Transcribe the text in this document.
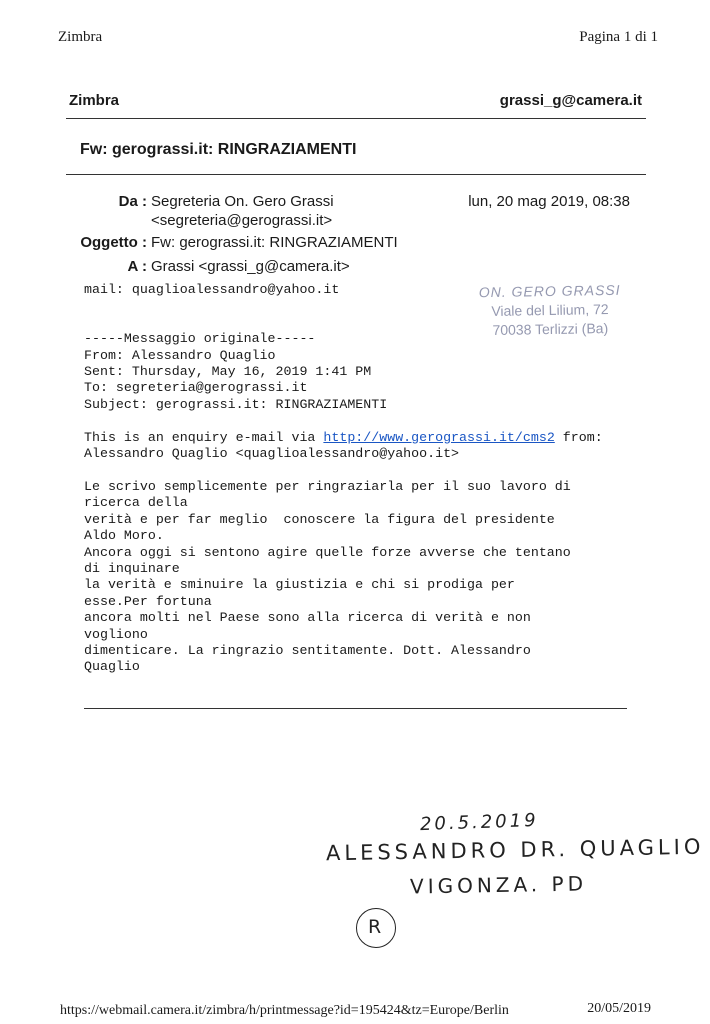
Zimbra	Pagina 1 di 1
Zimbra	grassi_g@camera.it
Fw: gerograssi.it: RINGRAZIAMENTI
Da : Segreteria On. Gero Grassi
<segreteria@gerograssi.it>
lun, 20 mag 2019, 08:38
Oggetto : Fw: gerograssi.it: RINGRAZIAMENTI
A : Grassi <grassi_g@camera.it>
mail: quaglioalessandro@yahoo.it

-----Messaggio originale-----
From: Alessandro Quaglio
Sent: Thursday, May 16, 2019 1:41 PM
To: segreteria@gerograssi.it
Subject: gerograssi.it: RINGRAZIAMENTI

This is an enquiry e-mail via http://www.gerograssi.it/cms2 from:
Alessandro Quaglio <quaglioalessandro@yahoo.it>

Le scrivo semplicemente per ringraziarla per il suo lavoro di
ricerca della
verità e per far meglio  conoscere la figura del presidente
Aldo Moro.
Ancora oggi si sentono agire quelle forze avverse che tentano
di inquinare
la verità e sminuire la giustizia e chi si prodiga per
esse.Per fortuna
ancora molti nel Paese sono alla ricerca di verità e non
vogliono
dimenticare. La ringrazio sentitamente. Dott. Alessandro
Quaglio
ON. GERO GRASSI
Viale del Lilium, 72
70038 Terlizzi (Ba)
20.5.2019
ALESSANDRO DR. QUAGLIO
VIGONZA. PD
R
https://webmail.camera.it/zimbra/h/printmessage?id=195424&tz=Europe/Berlin	20/05/2019
